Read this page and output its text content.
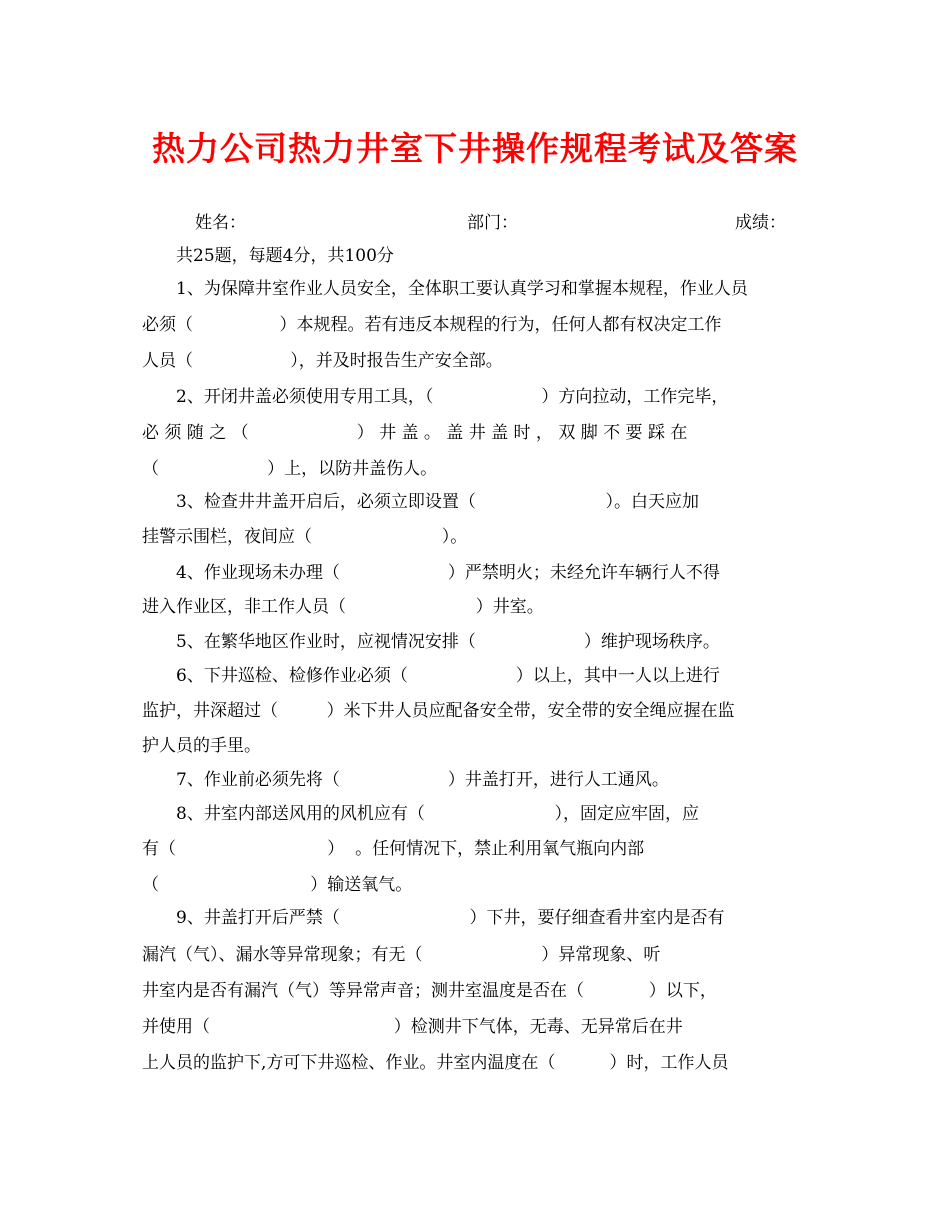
热力公司热力井室下井操作规程考试及答案
姓名：	部门：	成绩：
共25题，每题4分，共100分
1、为保障井室作业人员安全，全体职工要认真学习和掌握本规程，作业人员
必须（                ）本规程。若有违反本规程的行为，任何人都有权决定工作
人员（                  ），并及时报告生产安全部。
2、开闭井盖必须使用专用工具，（                    ）方向拉动，工作完毕，
必 须 随 之 （                    ） 井 盖 。 盖 井 盖 时 ， 双 脚 不 要 踩 在
（                    ）上，以防井盖伤人。
3、检查井井盖开启后，必须立即设置（                        ）。白天应加
挂警示围栏，夜间应（                        ）。
4、作业现场未办理（                    ）严禁明火；未经允许车辆行人不得
进入作业区，非工作人员（                        ）井室。
5、在繁华地区作业时，应视情况安排（                    ）维护现场秩序。
6、下井巡检、检修作业必须（                    ）以上，其中一人以上进行
监护，井深超过（         ）米下井人员应配备安全带，安全带的安全绳应握在监
护人员的手里。
7、作业前必须先将（                    ）井盖打开，进行人工通风。
8、井室内部送风用的风机应有（                        ），固定应牢固，应
有（                            ）  。任何情况下，禁止利用氧气瓶向内部
（                            ）输送氧气。
9、井盖打开后严禁（                        ）下井，要仔细查看井室内是否有
漏汽（气）、漏水等异常现象；有无（                      ）异常现象、听
井室内是否有漏汽（气）等异常声音；测井室温度是否在（            ）以下，
并使用（                                  ）检测井下气体，无毒、无异常后在井
上人员的监护下,方可下井巡检、作业。井室内温度在（          ）时，工作人员
